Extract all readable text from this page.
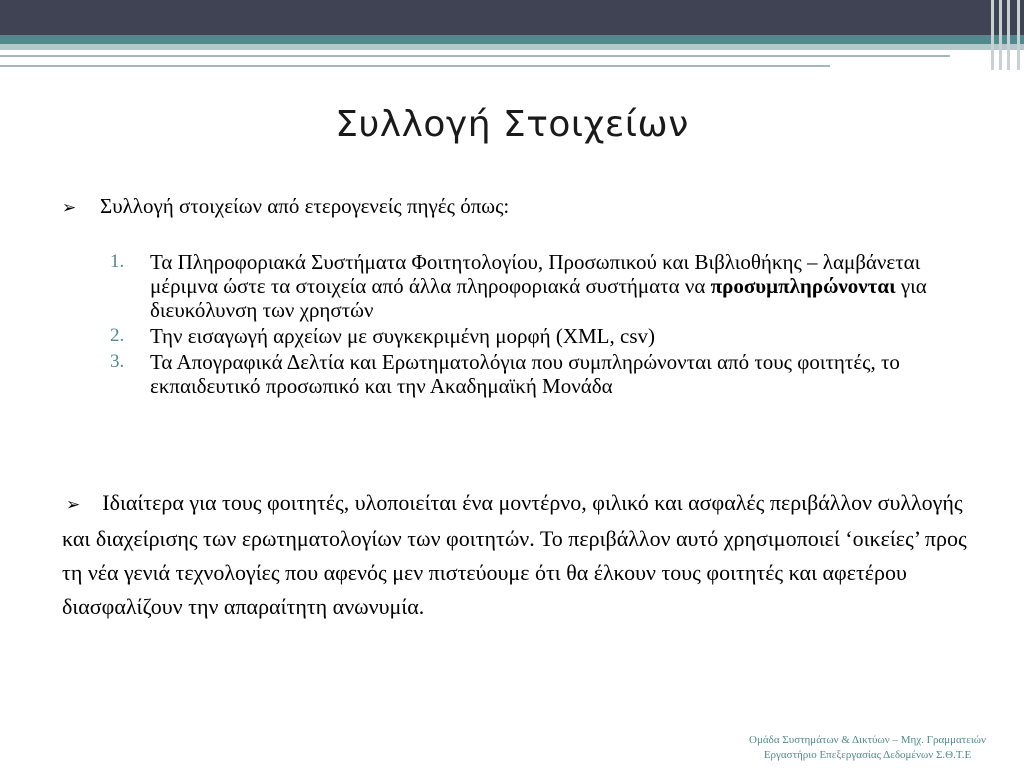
Συλλογή Στοιχείων
➢ Συλλογή στοιχείων από ετερογενείς πηγές όπως:
1. Τα Πληροφοριακά Συστήματα Φοιτητολογίου, Προσωπικού και Βιβλιοθήκης – λαμβάνεται μέριμνα ώστε τα στοιχεία από άλλα πληροφοριακά συστήματα να προσυμπληρώνονται για διευκόλυνση των χρηστών
2. Την εισαγωγή αρχείων με συγκεκριμένη μορφή (XML, csv)
3. Τα Απογραφικά Δελτία και Ερωτηματολόγια που συμπληρώνονται από τους φοιτητές, το εκπαιδευτικό προσωπικό και την Ακαδημαϊκή Μονάδα
➢ Ιδιαίτερα για τους φοιτητές, υλοποιείται ένα μοντέρνο, φιλικό και ασφαλές περιβάλλον συλλογής και διαχείρισης των ερωτηματολογίων των φοιτητών. Το περιβάλλον αυτό χρησιμοποιεί ‘οικείες’ προς τη νέα γενιά τεχνολογίες που αφενός μεν πιστεύουμε ότι θα έλκουν τους φοιτητές και αφετέρου διασφαλίζουν την απαραίτητη ανωνυμία.
Ομάδα Συστημάτων & Δικτύων – Μηχ. Γραμματειών
Εργαστήριο Επεξεργασίας Δεδομένων Σ.Θ.Τ.Ε
